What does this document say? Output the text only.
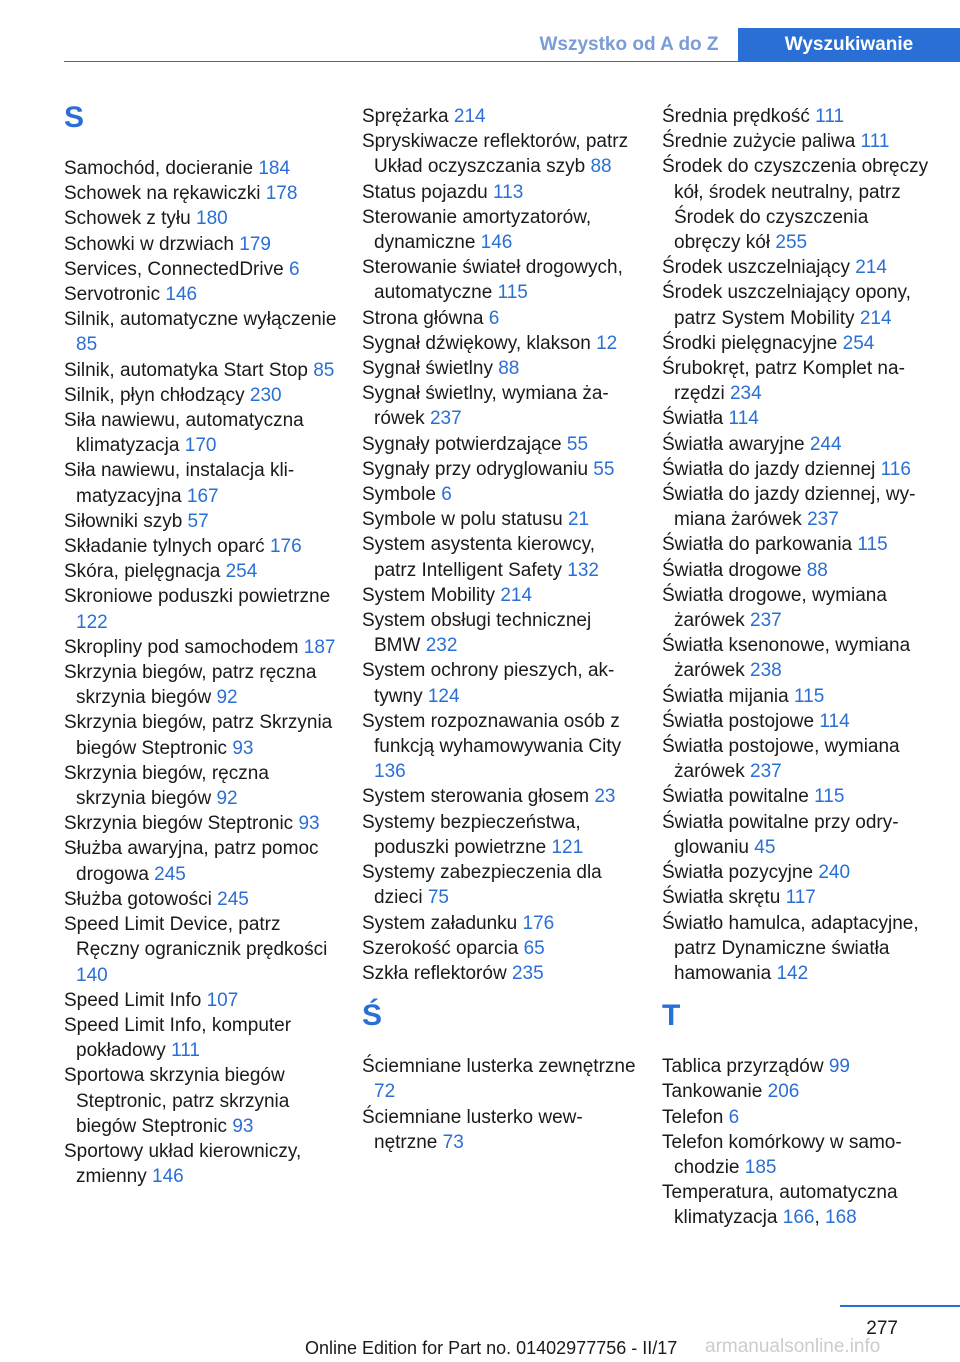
Wszystko od A do Z	Wyszukiwanie
S
Samochód, docieranie 184
Schowek na rękawiczki 178
Schowek z tyłu 180
Schowki w drzwiach 179
Services, ConnectedDrive 6
Servotronic 146
Silnik, automatyczne wyłączenie 85
Silnik, automatyka Start Stop 85
Silnik, płyn chłodzący 230
Siła nawiewu, automatyczna klimatyzacja 170
Siła nawiewu, instalacja klimatyzacyjna 167
Siłowniki szyb 57
Składanie tylnych oparć 176
Skóra, pielęgnacja 254
Skroniowe poduszki powietrzne 122
Skropliny pod samochodem 187
Skrzynia biegów, patrz ręczna skrzynia biegów 92
Skrzynia biegów, patrz Skrzynia biegów Steptronic 93
Skrzynia biegów, ręczna skrzynia biegów 92
Skrzynia biegów Steptronic 93
Służba awaryjna, patrz pomoc drogowa 245
Służba gotowości 245
Speed Limit Device, patrz Ręczny ogranicznik prędkości 140
Speed Limit Info 107
Speed Limit Info, komputer pokładowy 111
Sportowa skrzynia biegów Steptronic, patrz skrzynia biegów Steptronic 93
Sportowy układ kierowniczy, zmienny 146
Sprężarka 214
Spryskiwacze reflektorów, patrz Układ oczyszczania szyb 88
Status pojazdu 113
Sterowanie amortyzatorów, dynamiczne 146
Sterowanie świateł drogowych, automatyczne 115
Strona główna 6
Sygnał dźwiękowy, klakson 12
Sygnał świetlny 88
Sygnał świetlny, wymiana żarówek 237
Sygnały potwierdzające 55
Sygnały przy odryglowaniu 55
Symbole 6
Symbole w polu statusu 21
System asystenta kierowcy, patrz Intelligent Safety 132
System Mobility 214
System obsługi technicznej BMW 232
System ochrony pieszych, aktywny 124
System rozpoznawania osób z funkcją wyhamowywania City 136
System sterowania głosem 23
Systemy bezpieczeństwa, poduszki powietrzne 121
Systemy zabezpieczenia dla dzieci 75
System załadunku 176
Szerokość oparcia 65
Szkła reflektorów 235
Ś
Ściemniane lusterka zewnętrzne 72
Ściemniane lusterko wewnętrzne 73
Średnia prędkość 111
Średnie zużycie paliwa 111
Środek do czyszczenia obręczy kół, środek neutralny, patrz Środek do czyszczenia obręczy kół 255
Środek uszczelniający 214
Środek uszczelniający opony, patrz System Mobility 214
Środki pielęgnacyjne 254
Śrubokręt, patrz Komplet narzędzi 234
Światła 114
Światła awaryjne 244
Światła do jazdy dziennej 116
Światła do jazdy dziennej, wymiana żarówek 237
Światła do parkowania 115
Światła drogowe 88
Światła drogowe, wymiana żarówek 237
Światła ksenonowe, wymiana żarówek 238
Światła mijania 115
Światła postojowe 114
Światła postojowe, wymiana żarówek 237
Światła powitalne 115
Światła powitalne przy odryglowaniu 45
Światła pozycyjne 240
Światła skrętu 117
Światło hamulca, adaptacyjne, patrz Dynamiczne światła hamowania 142
T
Tablica przyrządów 99
Tankowanie 206
Telefon 6
Telefon komórkowy w samochodzie 185
Temperatura, automatyczna klimatyzacja 166, 168
277
Online Edition for Part no. 01402977756 - II/17 armanualsonline.info
